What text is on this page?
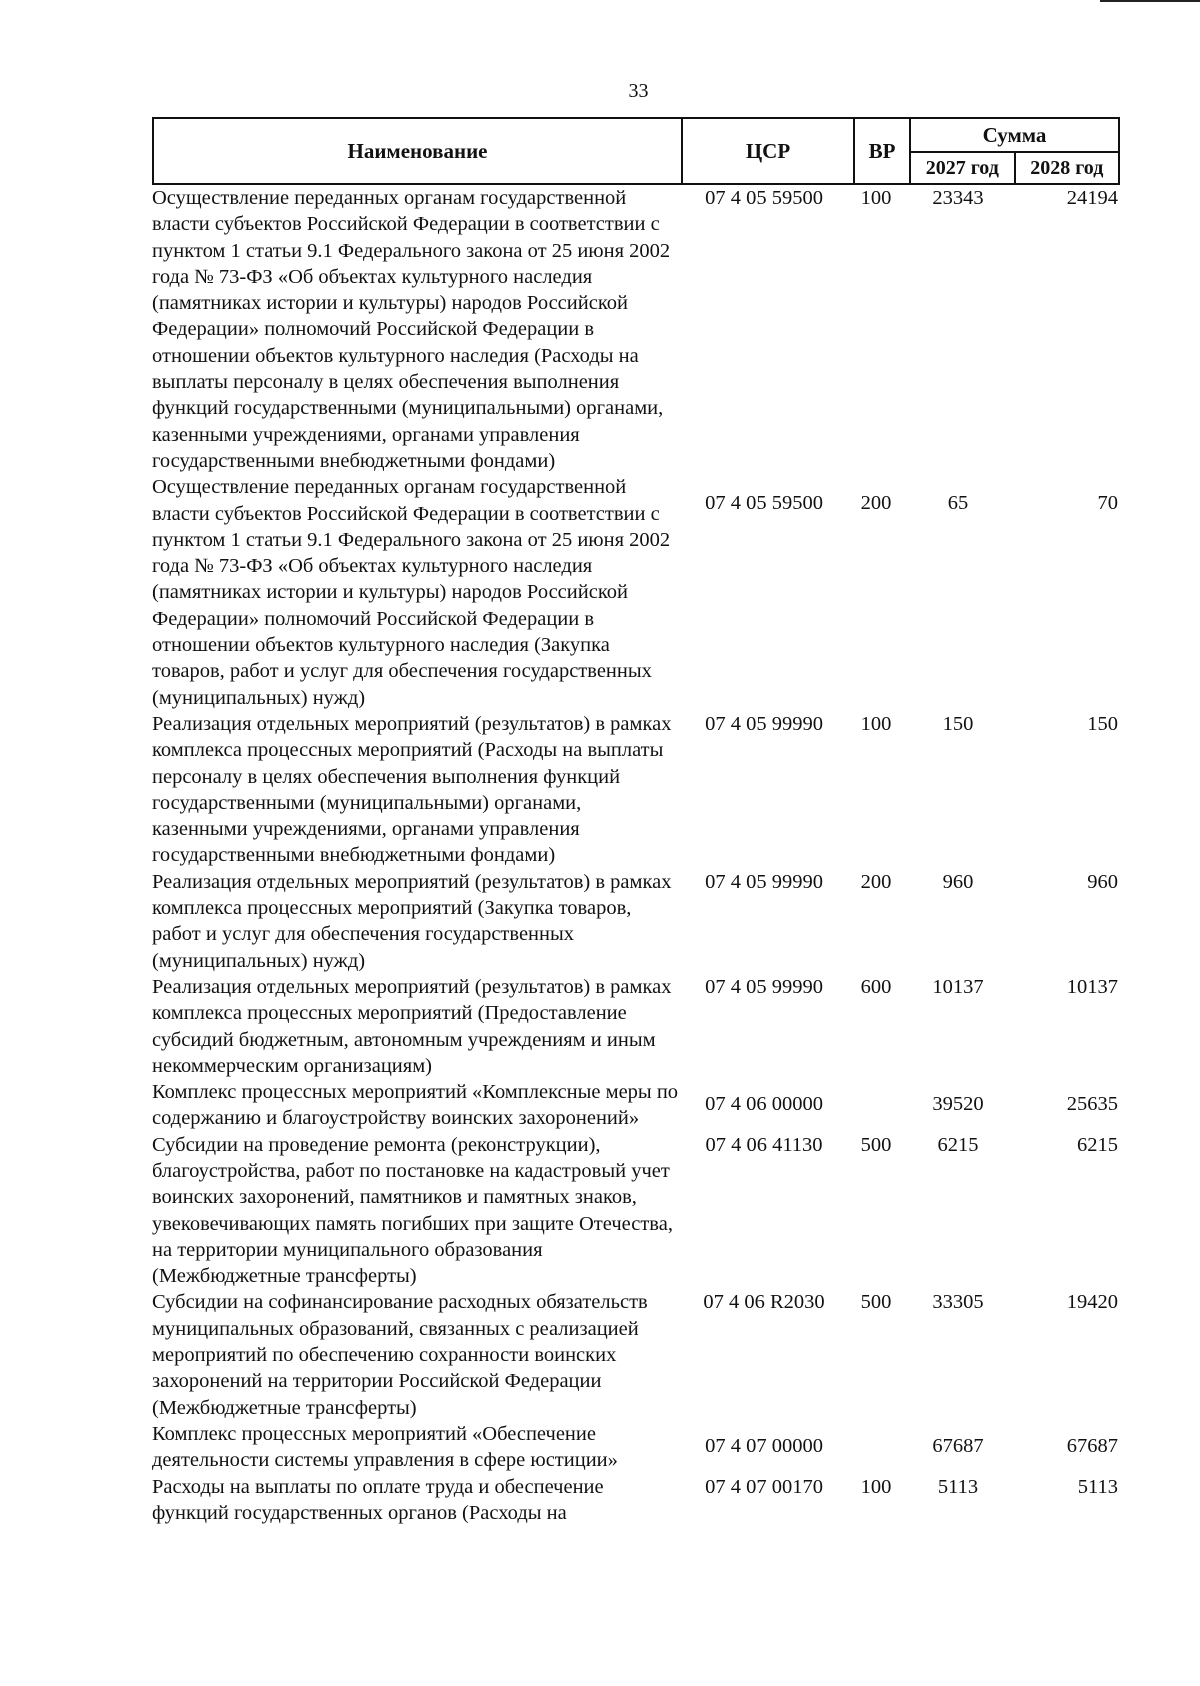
33
Наименование	ЦСР	ВР	Сумма	
			2027 год	2028 год
Осуществление переданных органам государственной власти субъектов Российской Федерации в соответствии с пунктом 1 статьи 9.1 Федерального закона от 25 июня 2002 года № 73-ФЗ «Об объектах культурного наследия (памятниках истории и культуры) народов Российской Федерации» полномочий Российской Федерации в отношении объектов культурного наследия (Расходы на выплаты персоналу в целях обеспечения выполнения функций государственными (муниципальными) органами, казенными учреждениями, органами управления государственными внебюджетными фондами)	07 4 05 59500	100	23343	24194
Осуществление переданных органам государственной власти субъектов Российской Федерации в соответствии с пунктом 1 статьи 9.1 Федерального закона от 25 июня 2002 года № 73-ФЗ «Об объектах культурного наследия (памятниках истории и культуры) народов Российской Федерации» полномочий Российской Федерации в отношении объектов культурного наследия (Закупка товаров, работ и услуг для обеспечения государственных (муниципальных) нужд)	07 4 05 59500	200	65	70
Реализация отдельных мероприятий (результатов) в рамках комплекса процессных мероприятий (Расходы на выплаты персоналу в целях обеспечения выполнения функций государственными (муниципальными) органами, казенными учреждениями, органами управления государственными внебюджетными фондами)	07 4 05 99990	100	150	150
Реализация отдельных мероприятий (результатов) в рамках комплекса процессных мероприятий (Закупка товаров, работ и услуг для обеспечения государственных (муниципальных) нужд)	07 4 05 99990	200	960	960
Реализация отдельных мероприятий (результатов) в рамках комплекса процессных мероприятий (Предоставление субсидий бюджетным, автономным учреждениям и иным некоммерческим организациям)	07 4 05 99990	600	10137	10137
Комплекс процессных мероприятий «Комплексные меры по содержанию и благоустройству воинских захоронений»	07 4 06 00000		39520	25635
Субсидии на проведение ремонта (реконструкции), благоустройства, работ по постановке на кадастровый учет воинских захоронений, памятников и памятных знаков, увековечивающих память погибших при защите Отечества, на территории муниципального образования (Межбюджетные трансферты)	07 4 06 41130	500	6215	6215
Субсидии на софинансирование расходных обязательств муниципальных образований, связанных с реализацией мероприятий по обеспечению сохранности воинских захоронений на территории Российской Федерации (Межбюджетные трансферты)	07 4 06 R2030	500	33305	19420
Комплекс процессных мероприятий «Обеспечение деятельности системы управления в сфере юстиции»	07 4 07 00000		67687	67687
Расходы на выплаты по оплате труда и обеспечение функций государственных органов (Расходы на	07 4 07 00170	100	5113	5113
